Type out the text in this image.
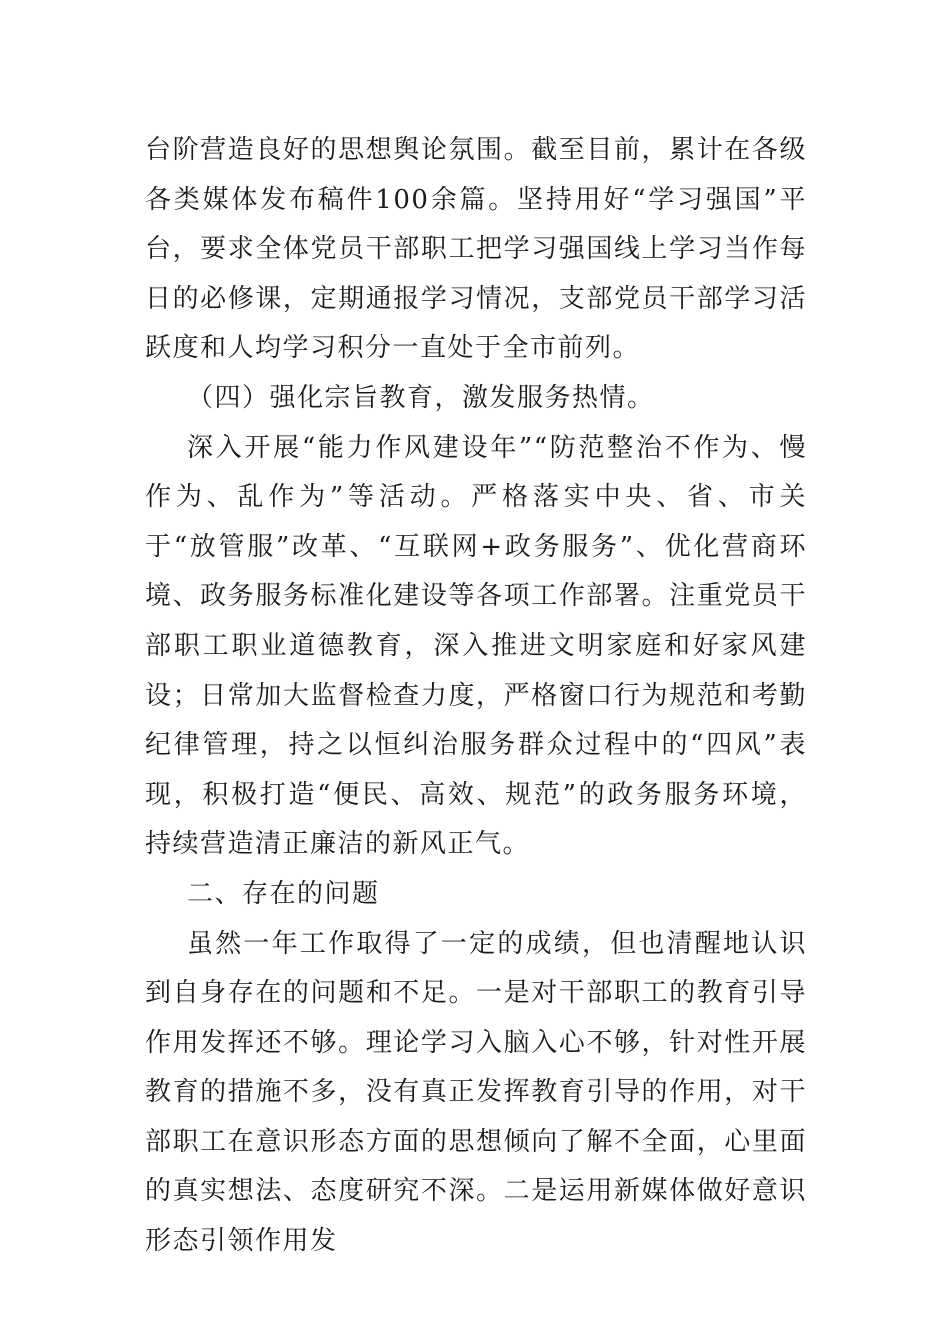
台阶营造良好的思想舆论氛围。截至目前，累计在各级各类媒体发布稿件100余篇。坚持用好“学习强国”平台，要求全体党员干部职工把学习强国线上学习当作每日的必修课，定期通报学习情况，支部党员干部学习活跃度和人均学习积分一直处于全市前列。

（四）强化宗旨教育，激发服务热情。

深入开展“能力作风建设年”“防范整治不作为、慢作为、乱作为”等活动。严格落实中央、省、市关于“放管服”改革、“互联网+政务服务”、优化营商环境、政务服务标准化建设等各项工作部署。注重党员干部职工职业道德教育，深入推进文明家庭和好家风建设；日常加大监督检查力度，严格窗口行为规范和考勤纪律管理，持之以恒纠治服务群众过程中的“四风”表现，积极打造“便民、高效、规范”的政务服务环境，持续营造清正廉洁的新风正气。

二、存在的问题

虽然一年工作取得了一定的成绩，但也清醒地认识到自身存在的问题和不足。一是对干部职工的教育引导作用发挥还不够。理论学习入脑入心不够，针对性开展教育的措施不多，没有真正发挥教育引导的作用，对干部职工在意识形态方面的思想倾向了解不全面，心里面的真实想法、态度研究不深。二是运用新媒体做好意识形态引领作用发
